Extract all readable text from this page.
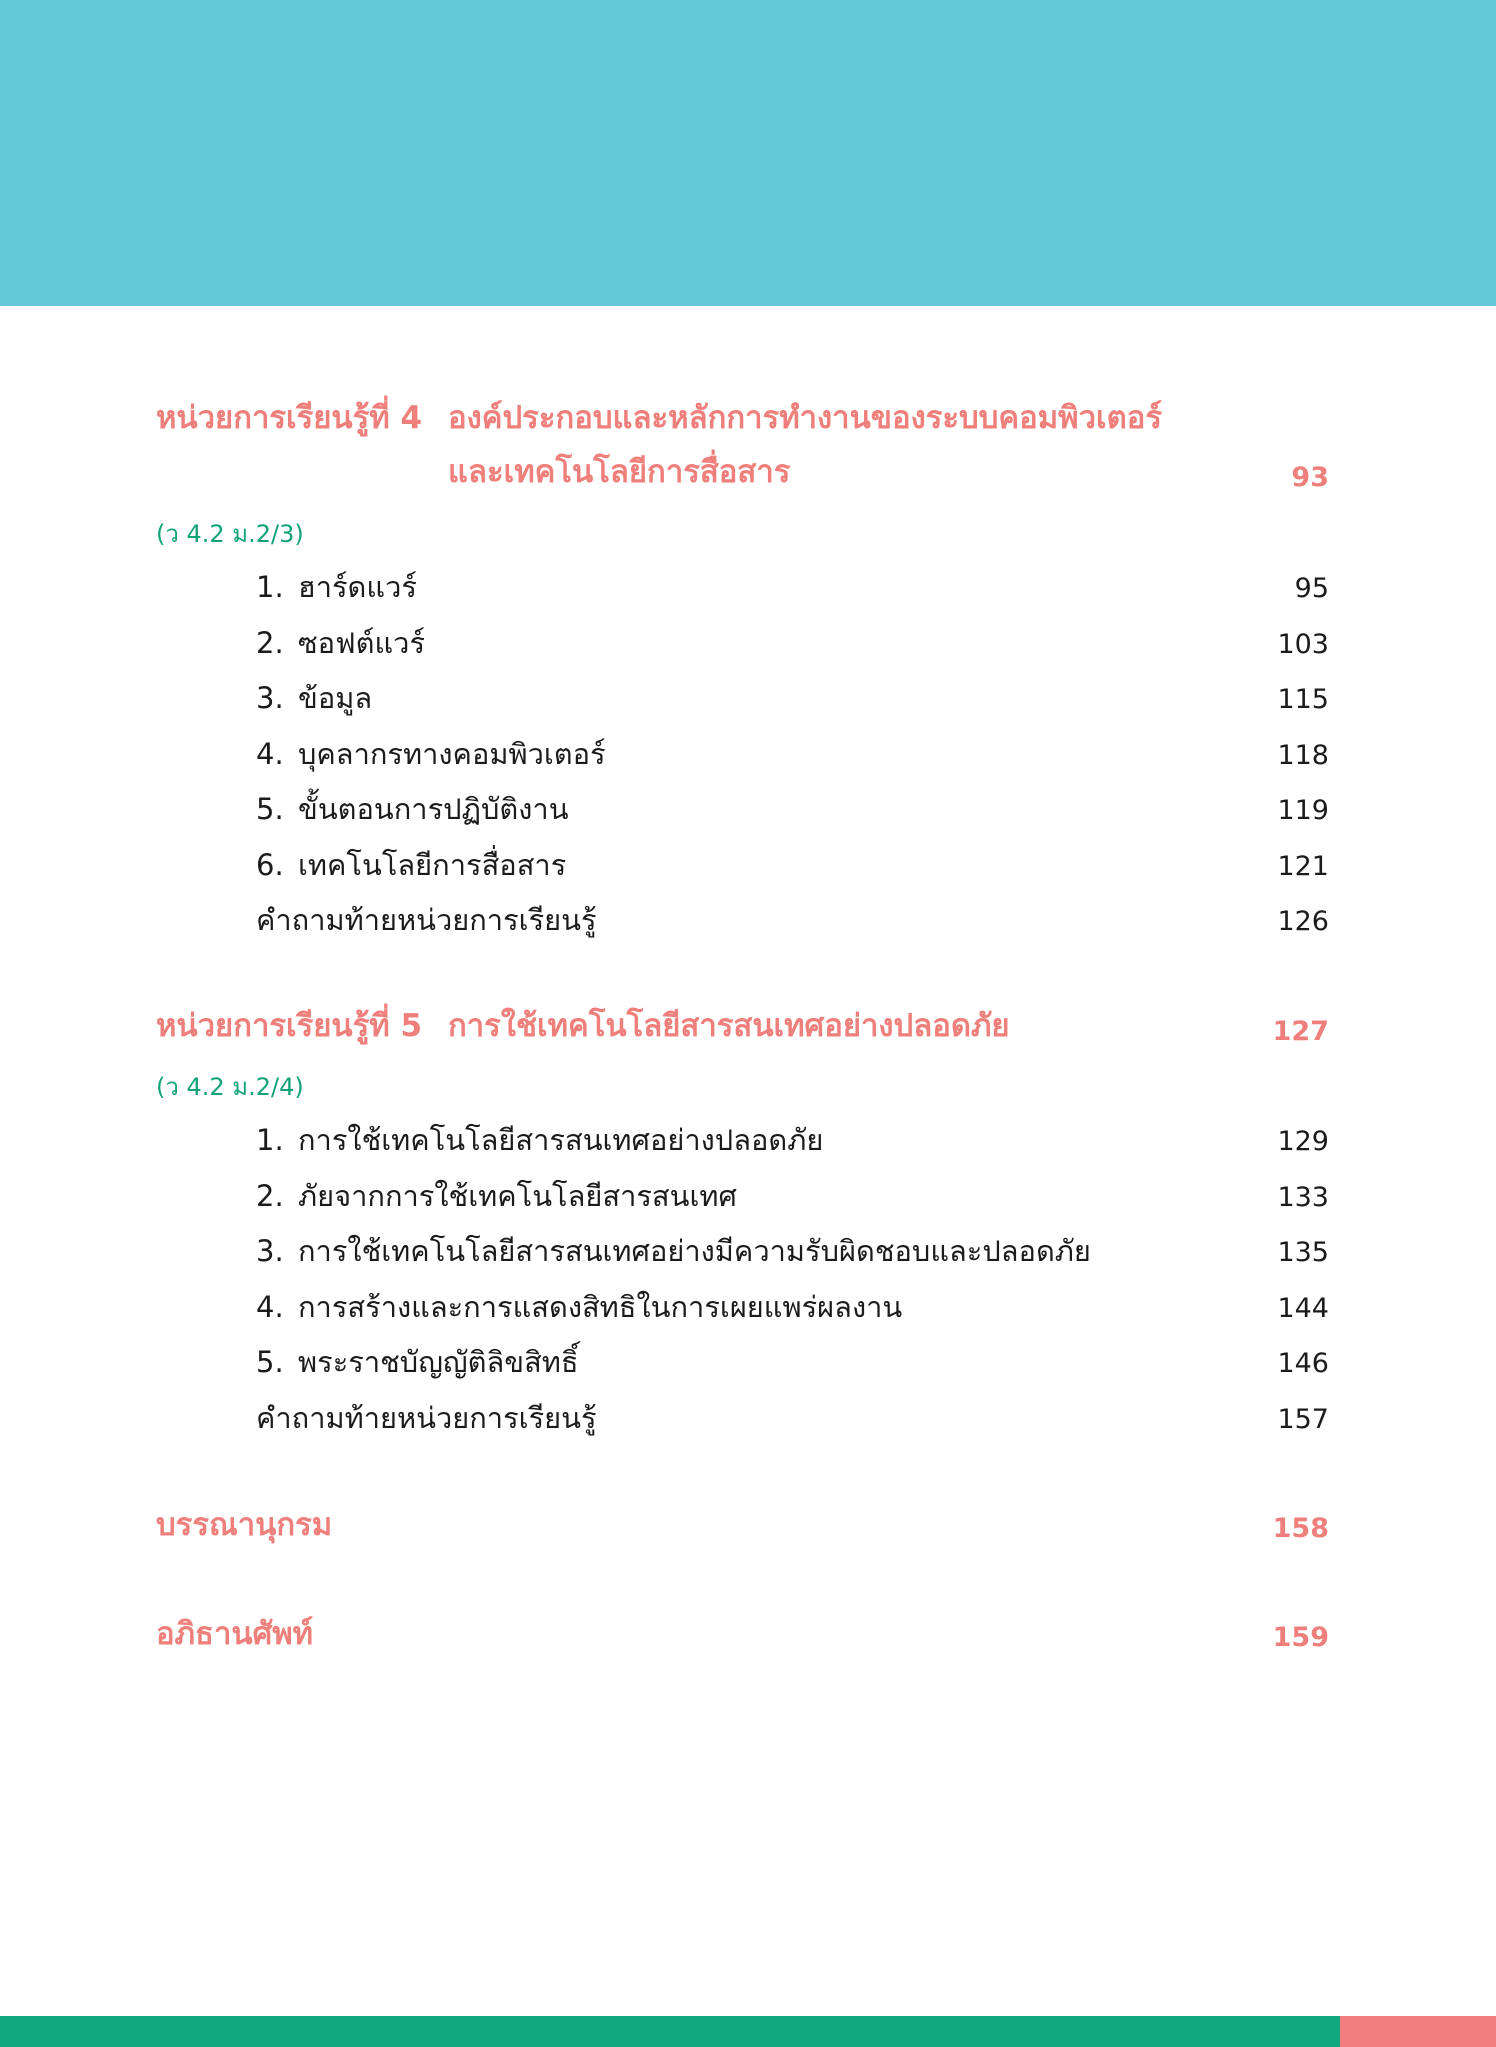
หน่วยการเรียนรู้ที่ 4 องค์ประกอบและหลักการทำงานของระบบคอมพิวเตอร์
และเทคโนโลยีการสื่อสาร	93
(ว 4.2 ม.2/3)
1. ฮาร์ดแวร์	95
2. ซอฟต์แวร์	103
3. ข้อมูล	115
4. บุคลากรทางคอมพิวเตอร์	118
5. ขั้นตอนการปฏิบัติงาน	119
6. เทคโนโลยีการสื่อสาร	121
คำถามท้ายหน่วยการเรียนรู้	126
หน่วยการเรียนรู้ที่ 5 การใช้เทคโนโลยีสารสนเทศอย่างปลอดภัย	127
(ว 4.2 ม.2/4)
1. การใช้เทคโนโลยีสารสนเทศอย่างปลอดภัย	129
2. ภัยจากการใช้เทคโนโลยีสารสนเทศ	133
3. การใช้เทคโนโลยีสารสนเทศอย่างมีความรับผิดชอบและปลอดภัย	135
4. การสร้างและการแสดงสิทธิในการเผยแพร่ผลงาน	144
5. พระราชบัญญัติลิขสิทธิ์	146
คำถามท้ายหน่วยการเรียนรู้	157
บรรณานุกรม	158
อภิธานศัพท์	159
